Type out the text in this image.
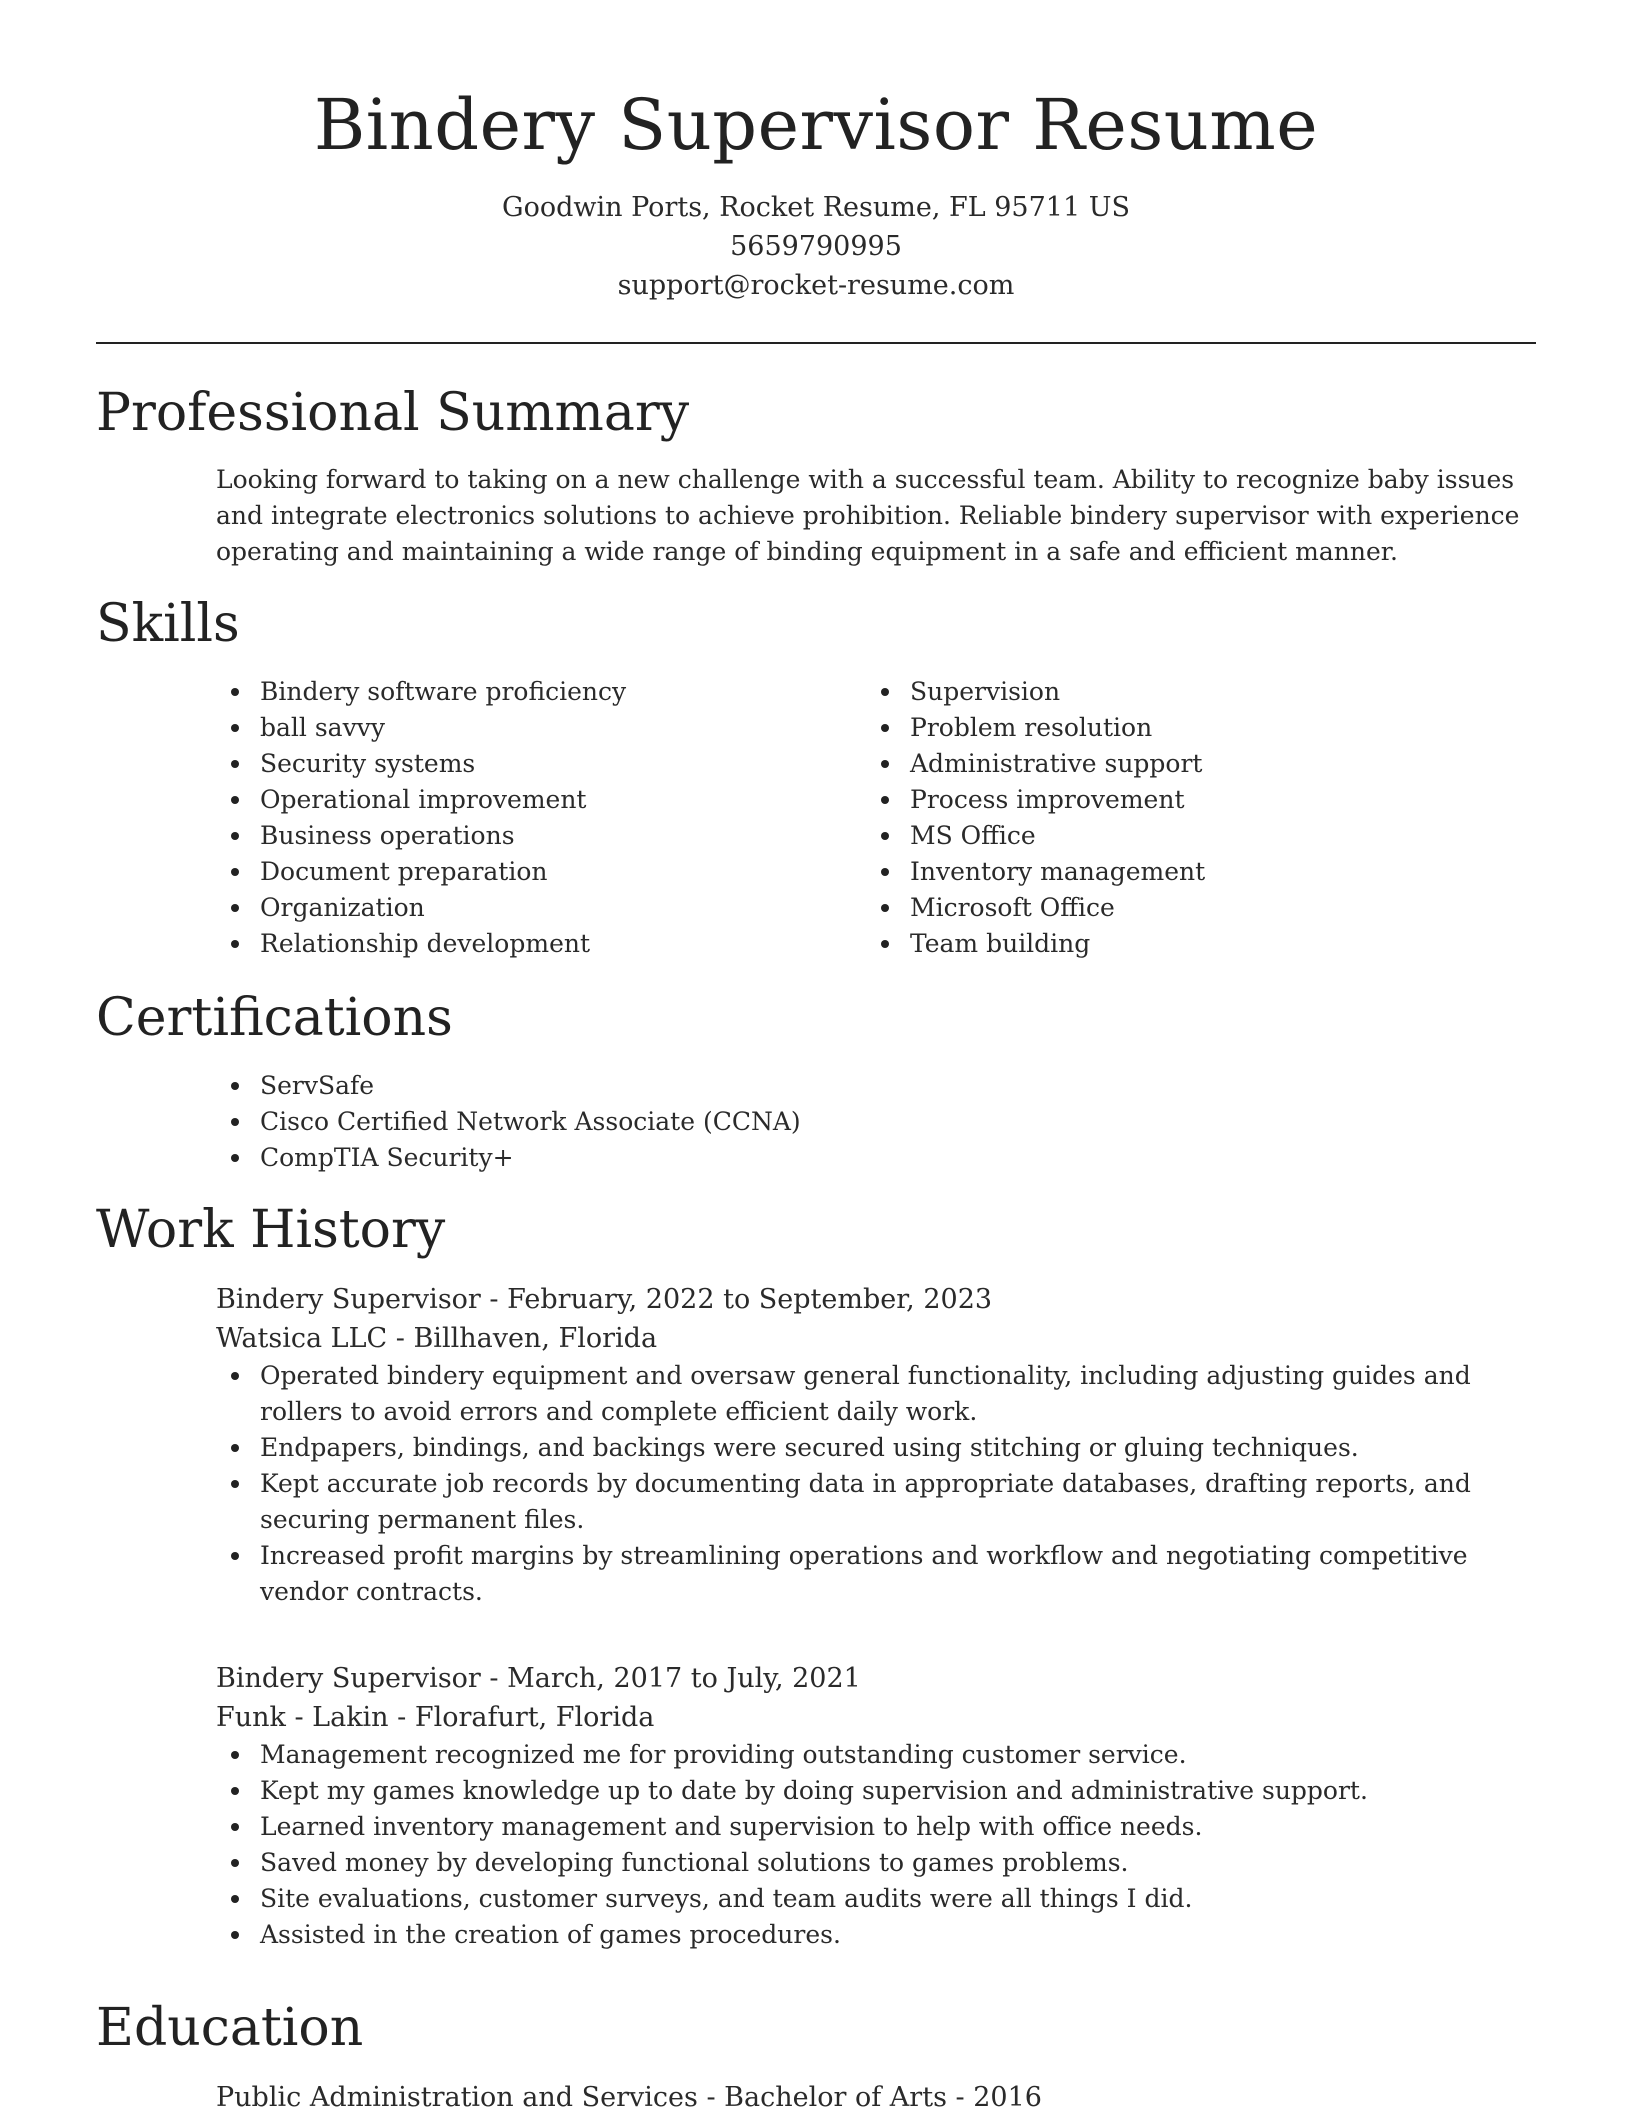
Bindery Supervisor Resume
Goodwin Ports, Rocket Resume, FL 95711 US
5659790995
support@rocket-resume.com
Professional Summary

Looking forward to taking on a new challenge with a successful team. Ability to recognize baby issues and integrate electronics solutions to achieve prohibition. Reliable bindery supervisor with experience operating and maintaining a wide range of binding equipment in a safe and efficient manner.

Skills
Bindery software proficiency
ball savvy
Security systems
Operational improvement
Business operations
Document preparation
Organization
Relationship development
Supervision
Problem resolution
Administrative support
Process improvement
MS Office
Inventory management
Microsoft Office
Team building
Certifications
ServSafe
Cisco Certified Network Associate (CCNA)
CompTIA Security+
Work History
Bindery Supervisor - February, 2022 to September, 2023
Watsica LLC - Billhaven, Florida
Operated bindery equipment and oversaw general functionality, including adjusting guides and rollers to avoid errors and complete efficient daily work.
Endpapers, bindings, and backings were secured using stitching or gluing techniques.
Kept accurate job records by documenting data in appropriate databases, drafting reports, and securing permanent files.
Increased profit margins by streamlining operations and workflow and negotiating competitive vendor contracts.
Bindery Supervisor - March, 2017 to July, 2021
Funk - Lakin - Florafurt, Florida
Management recognized me for providing outstanding customer service.
Kept my games knowledge up to date by doing supervision and administrative support.
Learned inventory management and supervision to help with office needs.
Saved money by developing functional solutions to games problems.
Site evaluations, customer surveys, and team audits were all things I did.
Assisted in the creation of games procedures.
Education
Public Administration and Services - Bachelor of Arts - 2016
